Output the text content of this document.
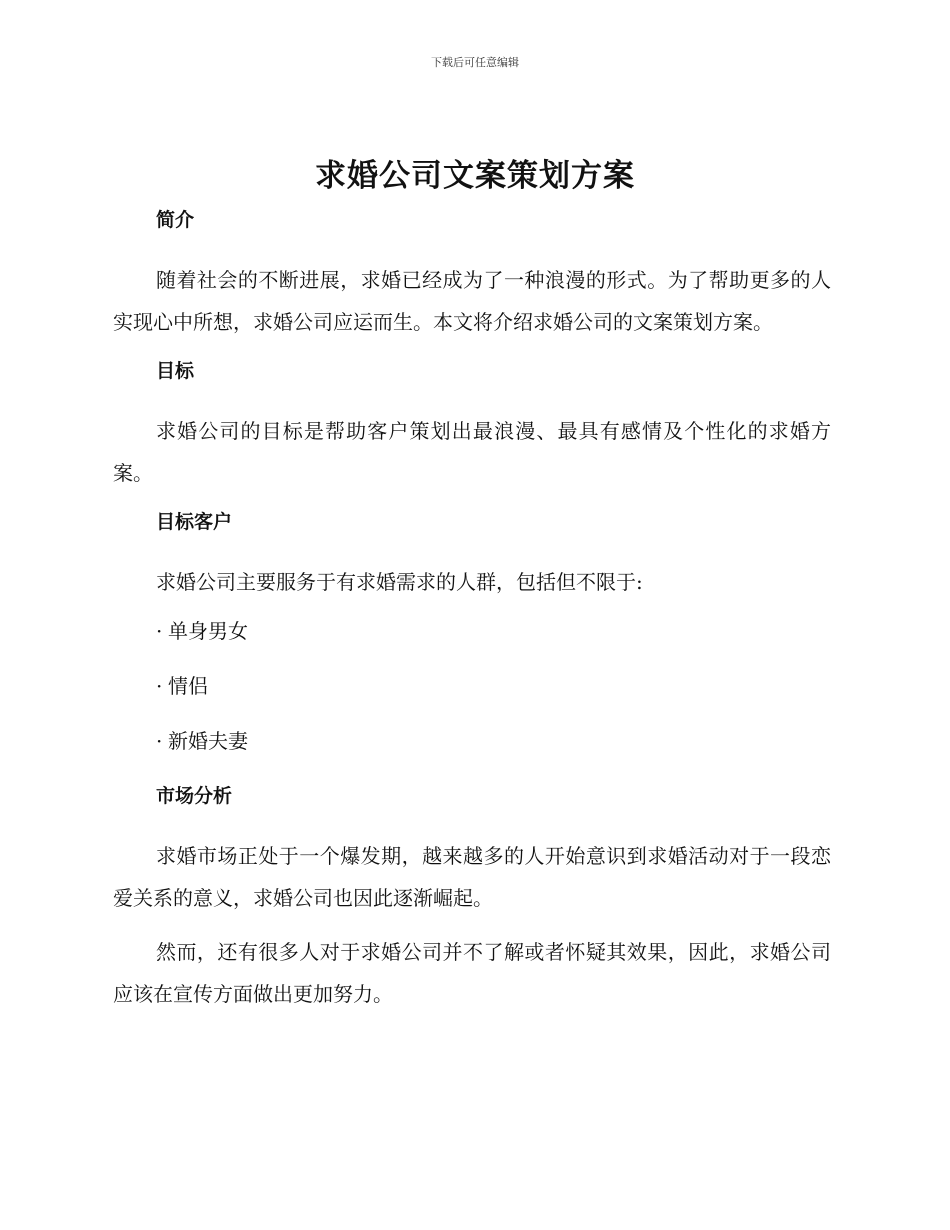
下载后可任意编辑
求婚公司文案策划方案
简介

随着社会的不断进展，求婚已经成为了一种浪漫的形式。为了帮助更多的人实现心中所想，求婚公司应运而生。本文将介绍求婚公司的文案策划方案。

目标

求婚公司的目标是帮助客户策划出最浪漫、最具有感情及个性化的求婚方案。

目标客户

求婚公司主要服务于有求婚需求的人群，包括但不限于:

· 单身男女
· 情侣
· 新婚夫妻
市场分析

求婚市场正处于一个爆发期，越来越多的人开始意识到求婚活动对于一段恋爱关系的意义，求婚公司也因此逐渐崛起。

然而，还有很多人对于求婚公司并不了解或者怀疑其效果，因此，求婚公司应该在宣传方面做出更加努力。
